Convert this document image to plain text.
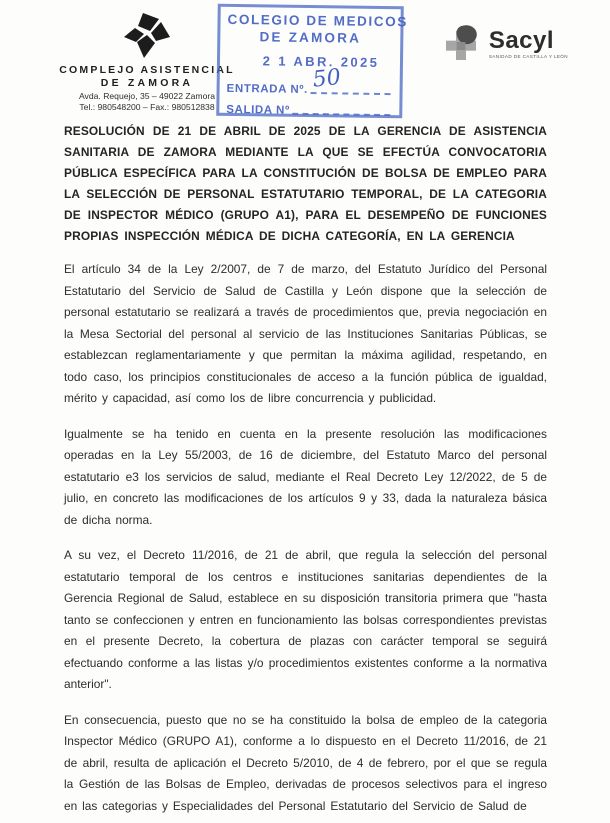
COMPLEJO ASISTENCIAL
DE ZAMORA
Avda. Requejo, 35 – 49022 Zamora
Tel.: 980548200 – Fax.: 980512838
Sacyl
SANIDAD DE CASTILLA Y LEÓN
COLEGIO DE MEDICOS
DE ZAMORA
2 1 ABR. 2025
ENTRADA Nº. 50
SALIDA Nº
RESOLUCIÓN DE 21 DE ABRIL DE 2025 DE LA GERENCIA DE ASISTENCIA SANITARIA DE ZAMORA MEDIANTE LA QUE SE EFECTÚA CONVOCATORIA PÚBLICA ESPECÍFICA PARA LA CONSTITUCIÓN DE BOLSA DE EMPLEO PARA LA SELECCIÓN DE PERSONAL ESTATUTARIO TEMPORAL, DE LA CATEGORIA DE INSPECTOR MÉDICO (GRUPO A1), PARA EL DESEMPEÑO DE FUNCIONES PROPIAS INSPECCIÓN MÉDICA DE DICHA CATEGORÍA, EN LA GERENCIA

El artículo 34 de la Ley 2/2007, de 7 de marzo, del Estatuto Jurídico del Personal Estatutario del Servicio de Salud de Castilla y León dispone que la selección de personal estatutario se realizará a través de procedimientos que, previa negociación en la Mesa Sectorial del personal al servicio de las Instituciones Sanitarias Públicas, se establezcan reglamentariamente y que permitan la máxima agilidad, respetando, en todo caso, los principios constitucionales de acceso a la función pública de igualdad, mérito y capacidad, así como los de libre concurrencia y publicidad.

Igualmente se ha tenido en cuenta en la presente resolución las modificaciones operadas en la Ley 55/2003, de 16 de diciembre, del Estatuto Marco del personal estatutario e3 los servicios de salud, mediante el Real Decreto Ley 12/2022, de 5 de julio, en concreto las modificaciones de los artículos 9 y 33, dada la naturaleza básica de dicha norma.

A su vez, el Decreto 11/2016, de 21 de abril, que regula la selección del personal estatutario temporal de los centros e instituciones sanitarias dependientes de la Gerencia Regional de Salud, establece en su disposición transitoria primera que "hasta tanto se confeccionen y entren en funcionamiento las bolsas correspondientes previstas en el presente Decreto, la cobertura de plazas con carácter temporal se seguirá efectuando conforme a las listas y/o procedimientos existentes conforme a la normativa anterior".

En consecuencia, puesto que no se ha constituido la bolsa de empleo de la categoria Inspector Médico (GRUPO A1), conforme a lo dispuesto en el Decreto 11/2016, de 21 de abril, resulta de aplicación el Decreto 5/2010, de 4 de febrero, por el que se regula la Gestión de las Bolsas de Empleo, derivadas de procesos selectivos para el ingreso en las categorias y Especialidades del Personal Estatutario del Servicio de Salud de
